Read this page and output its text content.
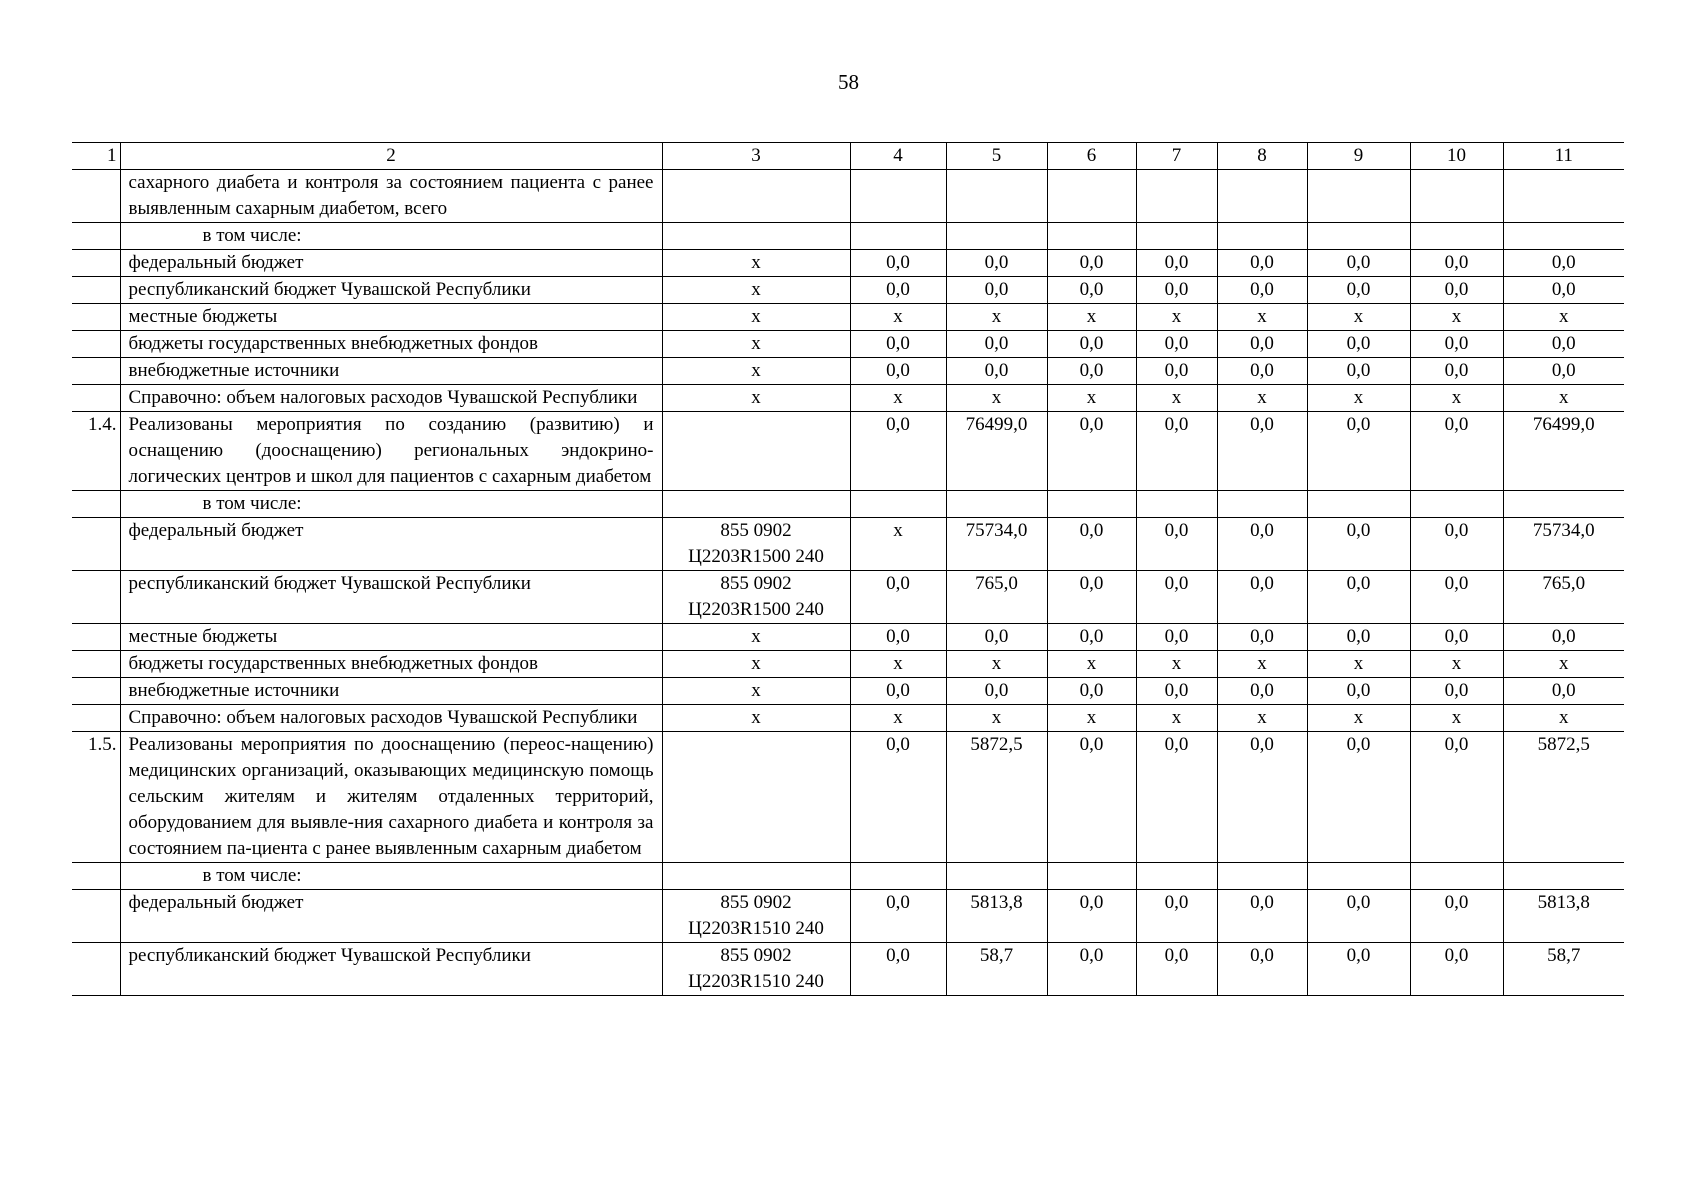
58
1	2	3	4	5	6	7	8	9	10	11
	сахарного диабета и контроля за состоянием пациента с ранее выявленным сахарным диабетом, всего									
	в том числе:									
	федеральный бюджет	х	0,0	0,0	0,0	0,0	0,0	0,0	0,0	0,0
	республиканский бюджет Чувашской Республики	х	0,0	0,0	0,0	0,0	0,0	0,0	0,0	0,0
	местные бюджеты	х	х	х	х	х	х	х	х	х
	бюджеты государственных внебюджетных фондов	х	0,0	0,0	0,0	0,0	0,0	0,0	0,0	0,0
	внебюджетные источники	х	0,0	0,0	0,0	0,0	0,0	0,0	0,0	0,0
	Справочно: объем налоговых расходов Чувашской Республики	х	х	х	х	х	х	х	х	х
1.4.	Реализованы мероприятия по созданию (развитию) и оснащению (дооснащению) региональных эндокрино-логических центров и школ для пациентов с сахарным диабетом		0,0	76499,0	0,0	0,0	0,0	0,0	0,0	76499,0
	в том числе:									
	федеральный бюджет	855 0902 Ц2203R1500 240	х	75734,0	0,0	0,0	0,0	0,0	0,0	75734,0
	республиканский бюджет Чувашской Республики	855 0902 Ц2203R1500 240	0,0	765,0	0,0	0,0	0,0	0,0	0,0	765,0
	местные бюджеты	х	0,0	0,0	0,0	0,0	0,0	0,0	0,0	0,0
	бюджеты государственных внебюджетных фондов	х	х	х	х	х	х	х	х	х
	внебюджетные источники	х	0,0	0,0	0,0	0,0	0,0	0,0	0,0	0,0
	Справочно: объем налоговых расходов Чувашской Республики	х	х	х	х	х	х	х	х	х
1.5.	Реализованы мероприятия по дооснащению (переос-нащению) медицинских организаций, оказывающих медицинскую помощь сельским жителям и жителям отдаленных территорий, оборудованием для выявле-ния сахарного диабета и контроля за состоянием па-циента с ранее выявленным сахарным диабетом		0,0	5872,5	0,0	0,0	0,0	0,0	0,0	5872,5
	в том числе:									
	федеральный бюджет	855 0902 Ц2203R1510 240	0,0	5813,8	0,0	0,0	0,0	0,0	0,0	5813,8
	республиканский бюджет Чувашской Республики	855 0902 Ц2203R1510 240	0,0	58,7	0,0	0,0	0,0	0,0	0,0	58,7
